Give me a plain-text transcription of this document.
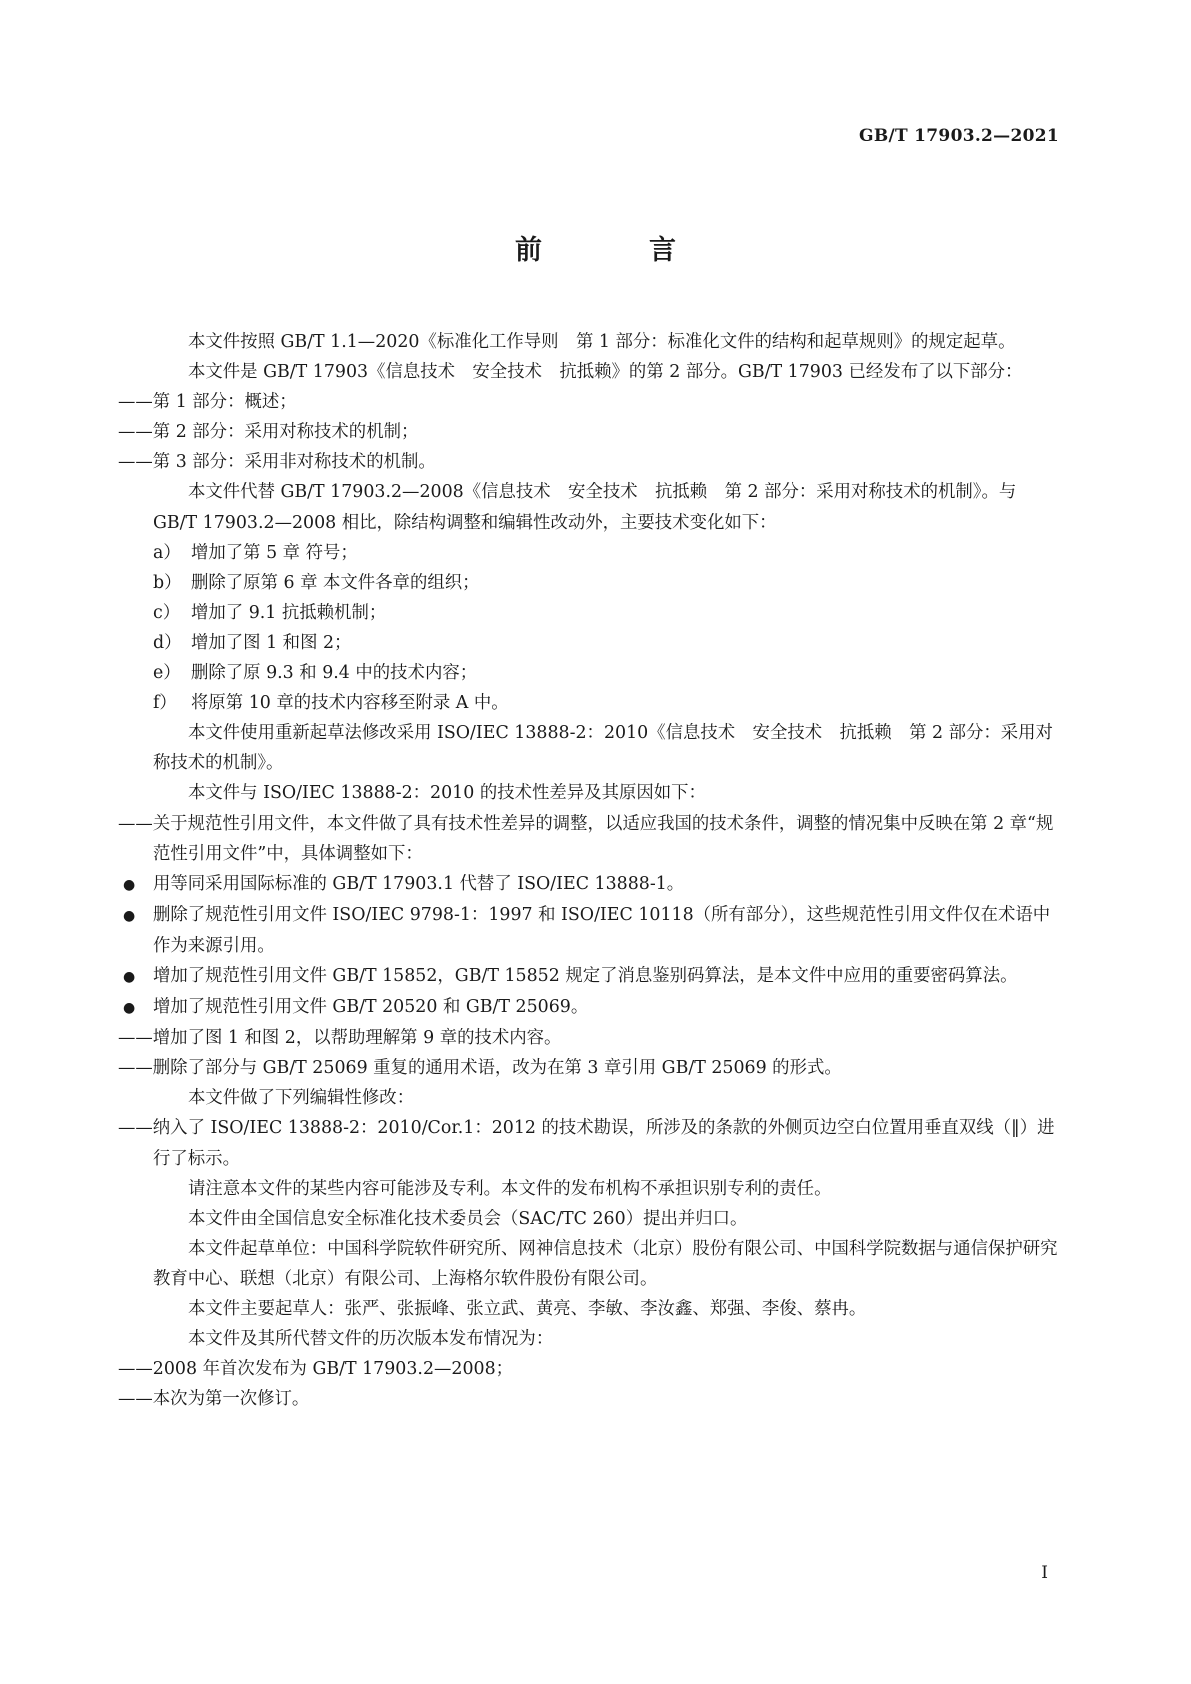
GB/T 17903.2—2021
前　言

本文件按照 GB/T 1.1—2020《标准化工作导则　第 1 部分：标准化文件的结构和起草规则》的规定起草。

本文件是 GB/T 17903《信息技术　安全技术　抗抵赖》的第 2 部分。GB/T 17903 已经发布了以下部分：

——第 1 部分：概述；

——第 2 部分：采用对称技术的机制；

——第 3 部分：采用非对称技术的机制。

本文件代替 GB/T 17903.2—2008《信息技术　安全技术　抗抵赖　第 2 部分：采用对称技术的机制》。与 GB/T 17903.2—2008 相比，除结构调整和编辑性改动外，主要技术变化如下：

a） 增加了第 5 章 符号；

b） 删除了原第 6 章 本文件各章的组织；

c） 增加了 9.1 抗抵赖机制；

d） 增加了图 1 和图 2；

e） 删除了原 9.3 和 9.4 中的技术内容；

f） 将原第 10 章的技术内容移至附录 A 中。

本文件使用重新起草法修改采用 ISO/IEC 13888-2：2010《信息技术　安全技术　抗抵赖　第 2 部分：采用对称技术的机制》。

本文件与 ISO/IEC 13888-2：2010 的技术性差异及其原因如下：

——关于规范性引用文件，本文件做了具有技术性差异的调整，以适应我国的技术条件，调整的情况集中反映在第 2 章“规范性引用文件”中，具体调整如下：

● 用等同采用国际标准的 GB/T 17903.1 代替了 ISO/IEC 13888-1。

● 删除了规范性引用文件 ISO/IEC 9798-1：1997 和 ISO/IEC 10118（所有部分），这些规范性引用文件仅在术语中作为来源引用。

● 增加了规范性引用文件 GB/T 15852，GB/T 15852 规定了消息鉴别码算法，是本文件中应用的重要密码算法。

● 增加了规范性引用文件 GB/T 20520 和 GB/T 25069。

——增加了图 1 和图 2，以帮助理解第 9 章的技术内容。

——删除了部分与 GB/T 25069 重复的通用术语，改为在第 3 章引用 GB/T 25069 的形式。

本文件做了下列编辑性修改：

——纳入了 ISO/IEC 13888-2：2010/Cor.1：2012 的技术勘误，所涉及的条款的外侧页边空白位置用垂直双线（‖）进行了标示。

请注意本文件的某些内容可能涉及专利。本文件的发布机构不承担识别专利的责任。

本文件由全国信息安全标准化技术委员会（SAC/TC 260）提出并归口。

本文件起草单位：中国科学院软件研究所、网神信息技术（北京）股份有限公司、中国科学院数据与通信保护研究教育中心、联想（北京）有限公司、上海格尔软件股份有限公司。

本文件主要起草人：张严、张振峰、张立武、黄亮、李敏、李汝鑫、郑强、李俊、蔡冉。

本文件及其所代替文件的历次版本发布情况为：

——2008 年首次发布为 GB/T 17903.2—2008；

——本次为第一次修订。

I
